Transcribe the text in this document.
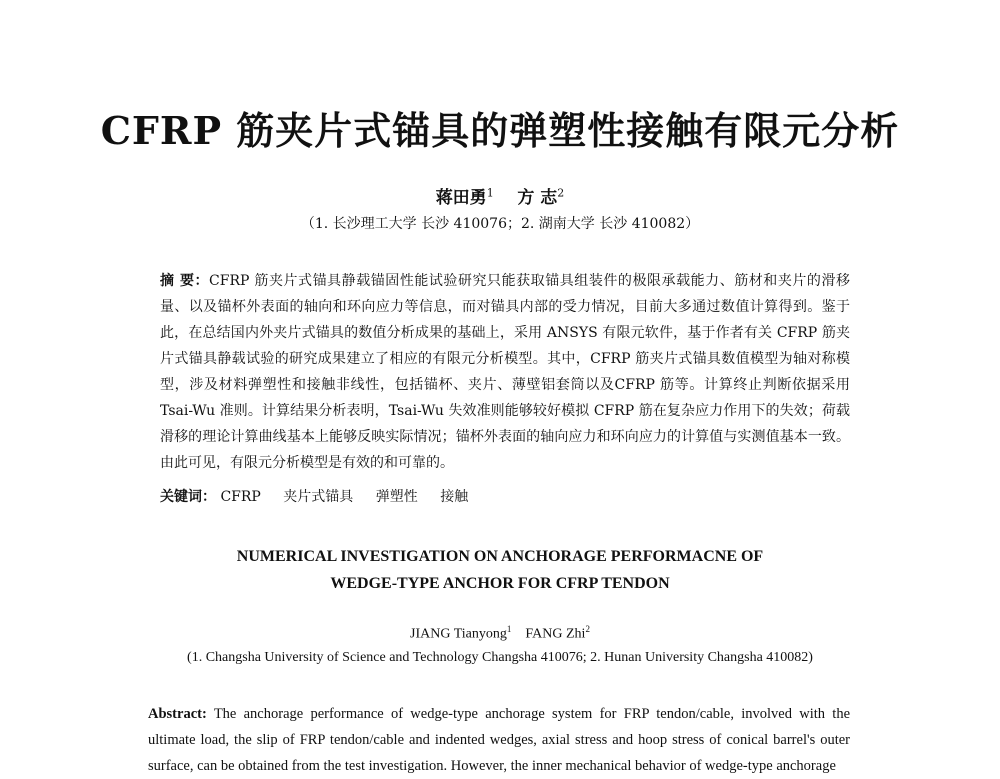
CFRP 筋夹片式锚具的弹塑性接触有限元分析
蒋田勇$^1$ 方 志$^2$
（1. 长沙理工大学 长沙 410076；2. 湖南大学 长沙 410082）
摘 要：CFRP 筋夹片式锚具静载锚固性能试验研究只能获取锚具组装件的极限承载能力、筋材和夹片的滑移量、以及锚杯外表面的轴向和环向应力等信息，而对锚具内部的受力情况，目前大多通过数值计算得到。鉴于此，在总结国内外夹片式锚具的数值分析成果的基础上，采用 ANSYS 有限元软件，基于作者有关 CFRP 筋夹片式锚具静载试验的研究成果建立了相应的有限元分析模型。其中，CFRP 筋夹片式锚具数值模型为轴对称模型，涉及材料弹塑性和接触非线性，包括锚杯、夹片、薄壁铝套筒以及CFRP 筋等。计算终止判断依据采用 Tsai-Wu 准则。计算结果分析表明，Tsai-Wu 失效准则能够较好模拟 CFRP 筋在复杂应力作用下的失效；荷载滑移的理论计算曲线基本上能够反映实际情况；锚杯外表面的轴向应力和环向应力的计算值与实测值基本一致。由此可见，有限元分析模型是有效的和可靠的。
关键词： CFRP 夹片式锚具 弹塑性 接触
NUMERICAL INVESTIGATION ON ANCHORAGE PERFORMACNE OF
WEDGE-TYPE ANCHOR FOR CFRP TENDON
JIANG Tianyong$^1$ FANG Zhi$^2$
(1. Changsha University of Science and Technology Changsha 410076; 2. Hunan University Changsha 410082)
Abstract: The anchorage performance of wedge-type anchorage system for FRP tendon/cable, involved with the ultimate load, the slip of FRP tendon/cable and indented wedges, axial stress and hoop stress of conical barrel's outer surface, can be obtained from the test investigation. However, the inner mechanical behavior of wedge-type anchorage
